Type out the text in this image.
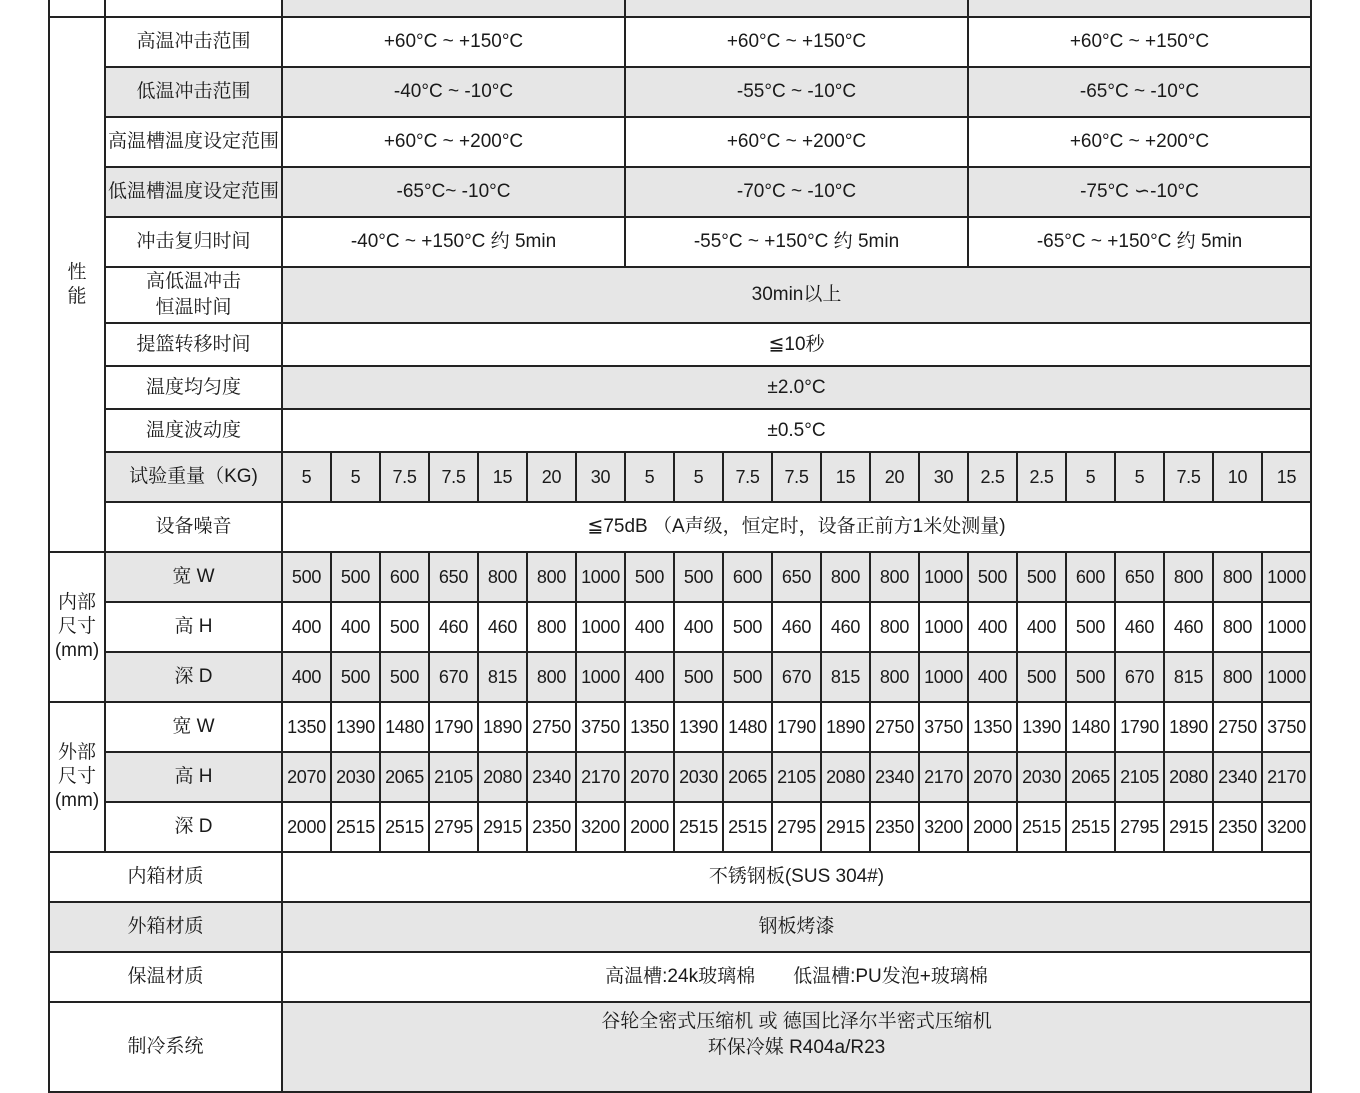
性能	高温冲击范围	+60°C ~ +150°C							+60°C ~ +150°C							+60°C ~ +150°C						
	低温冲击范围	-40°C ~ -10°C							-55°C ~ -10°C							-65°C ~ -10°C						
	高温槽温度设定范围	+60°C ~ +200°C							+60°C ~ +200°C							+60°C ~ +200°C						
	低温槽温度设定范围	-65°C~ -10°C							-70°C ~ -10°C							-75°C ∽-10°C						
	冲击复归时间	-40°C ~ +150°C 约 5min							-55°C ~ +150°C 约 5min							-65°C ~ +150°C 约 5min						
	高低温冲击
恒温时间	30min以上																				
	提篮转移时间	≦10秒																				
	温度均匀度	±2.0°C																				
	温度波动度	±0.5°C																				
	试验重量（KG)	5	5	7.5	7.5	15	20	30	5	5	7.5	7.5	15	20	30	2.5	2.5	5	5	7.5	10	15
	设备噪音	≦75dB （A声级，恒定时，设备正前方1米处测量)																				
内部
尺寸
(mm)	宽 W	500	500	600	650	800	800	1000	500	500	600	650	800	800	1000	500	500	600	650	800	800	1000
	高 H	400	400	500	460	460	800	1000	400	400	500	460	460	800	1000	400	400	500	460	460	800	1000
	深 D	400	500	500	670	815	800	1000	400	500	500	670	815	800	1000	400	500	500	670	815	800	1000
外部
尺寸
(mm)	宽 W	1350	1390	1480	1790	1890	2750	3750	1350	1390	1480	1790	1890	2750	3750	1350	1390	1480	1790	1890	2750	3750
	高 H	2070	2030	2065	2105	2080	2340	2170	2070	2030	2065	2105	2080	2340	2170	2070	2030	2065	2105	2080	2340	2170
	深 D	2000	2515	2515	2795	2915	2350	3200	2000	2515	2515	2795	2915	2350	3200	2000	2515	2515	2795	2915	2350	3200
内箱材质		不锈钢板(SUS 304#)																				
外箱材质		钢板烤漆																				
保温材质		高温槽:24k玻璃棉　　低温槽:PU发泡+玻璃棉																				
制冷系统		谷轮全密式压缩机 或 德国比泽尔半密式压缩机
环保冷媒 R404a/R23																				
